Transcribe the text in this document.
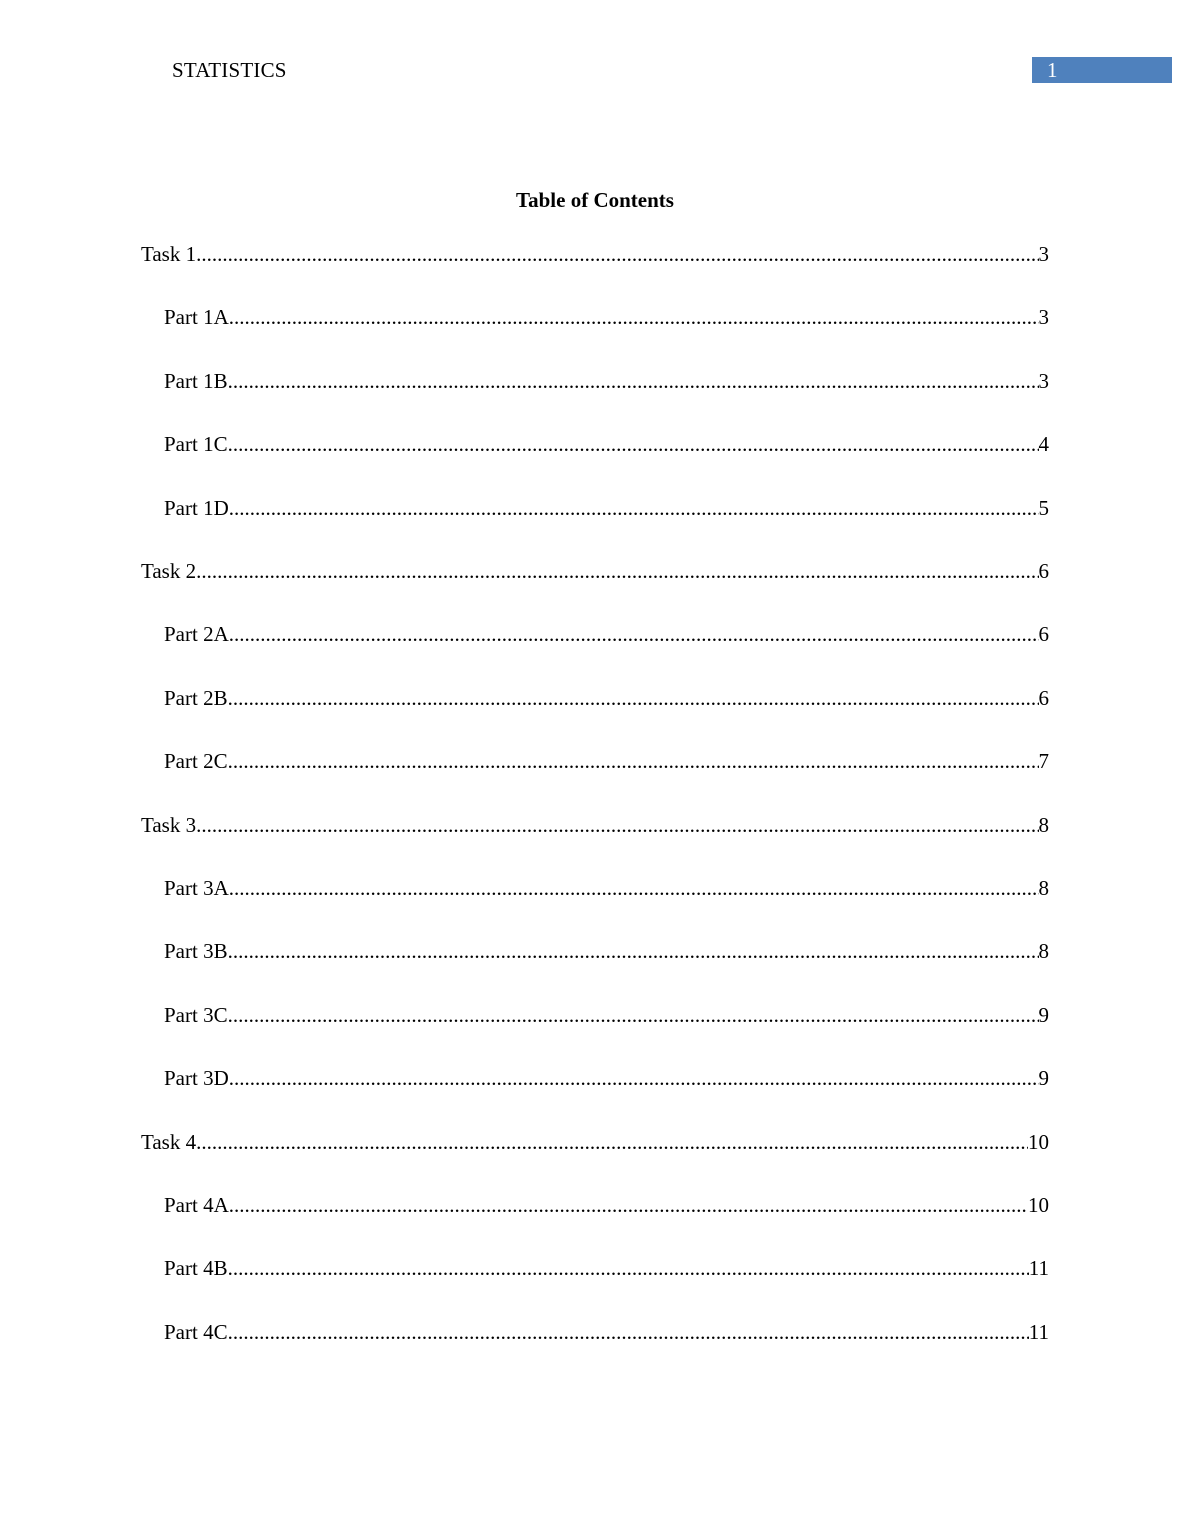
STATISTICS	1
Table of Contents
Task 1 .....	3
Part 1A .....	3
Part 1B .....	3
Part 1C .....	4
Part 1D .....	5
Task 2 .....	6
Part 2A .....	6
Part 2B .....	6
Part 2C .....	7
Task 3 .....	8
Part 3A .....	8
Part 3B .....	8
Part 3C .....	9
Part 3D .....	9
Task 4 .....	10
Part 4A .....	10
Part 4B .....	11
Part 4C .....	11
